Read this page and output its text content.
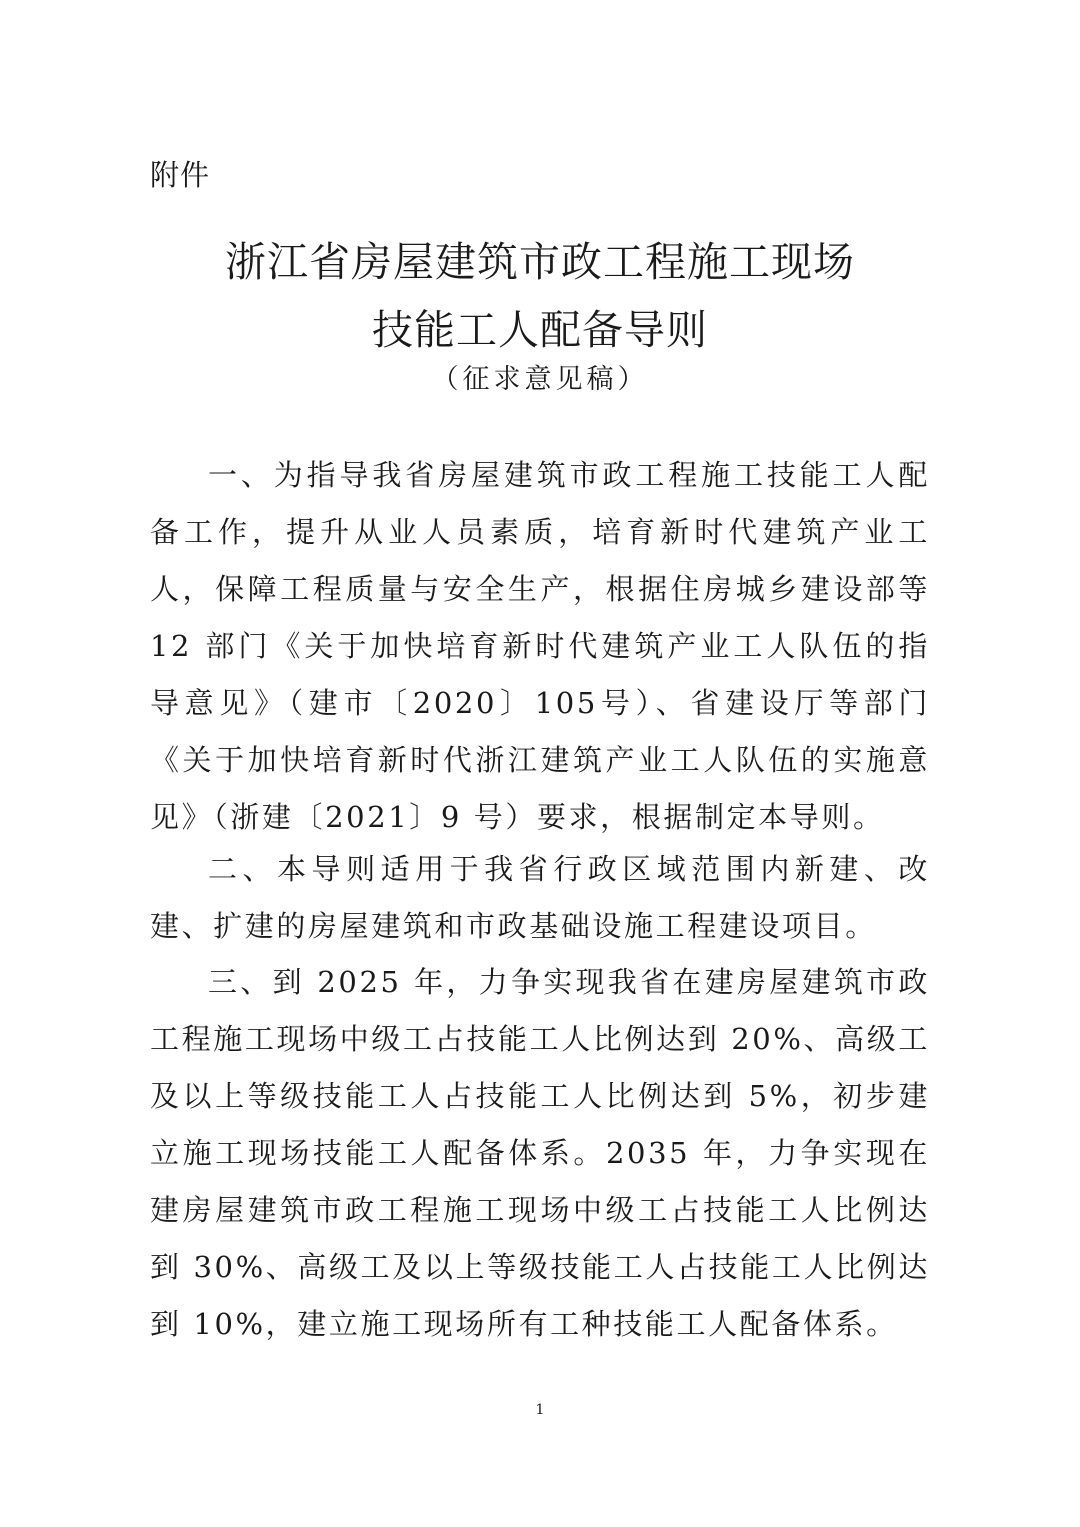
附件
浙江省房屋建筑市政工程施工现场
技能工人配备导则
（征求意见稿）

一、为指导我省房屋建筑市政工程施工技能工人配备工作，提升从业人员素质，培育新时代建筑产业工人，保障工程质量与安全生产，根据住房城乡建设部等 12 部门《关于加快培育新时代建筑产业工人队伍的指导意见》（建市〔2020〕105号）、省建设厅等部门《关于加快培育新时代浙江建筑产业工人队伍的实施意见》（浙建〔2021〕9 号）要求，根据制定本导则。

二、本导则适用于我省行政区域范围内新建、改建、扩建的房屋建筑和市政基础设施工程建设项目。

三、到 2025 年，力争实现我省在建房屋建筑市政工程施工现场中级工占技能工人比例达到 20%、高级工及以上等级技能工人占技能工人比例达到 5%，初步建立施工现场技能工人配备体系。2035 年，力争实现在建房屋建筑市政工程施工现场中级工占技能工人比例达到 30%、高级工及以上等级技能工人占技能工人比例达到 10%，建立施工现场所有工种技能工人配备体系。

1
